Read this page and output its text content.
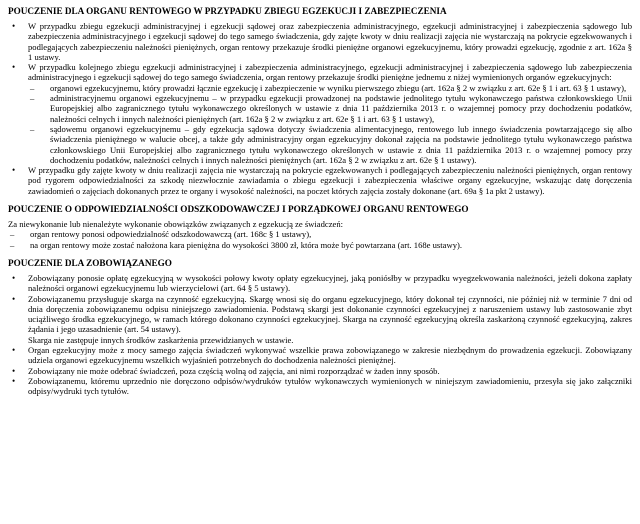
POUCZENIE DLA ORGANU RENTOWEGO W PRZYPADKU ZBIEGU EGZEKUCJI I ZABEZPIECZENIA
• W przypadku zbiegu egzekucji administracyjnej i egzekucji sądowej oraz zabezpieczenia administracyjnego, egzekucji administracyjnej i zabezpieczenia sądowego lub zabezpieczenia administracyjnego i egzekucji sądowej do tego samego świadczenia, gdy zajęte kwoty w dniu realizacji zajęcia nie wystarczają na pokrycie egzekwowanych i podlegających zabezpieczeniu należności pieniężnych, organ rentowy przekazuje środki pieniężne organowi egzekucyjnemu, który prowadzi egzekucję, zgodnie z art. 162a § 1 ustawy.
• W przypadku kolejnego zbiegu egzekucji administracyjnej i zabezpieczenia administracyjnego, egzekucji administracyjnej i zabezpieczenia sądowego lub zabezpieczenia administracyjnego i egzekucji sądowej do tego samego świadczenia, organ rentowy przekazuje środki pieniężne jednemu z niżej wymienionych organów egzekucyjnych:
– organowi egzekucyjnemu, który prowadzi łącznie egzekucję i zabezpieczenie w wyniku pierwszego zbiegu (art. 162a § 2 w związku z art. 62e § 1 i art. 63 § 1 ustawy),
– administracyjnemu organowi egzekucyjnemu – w przypadku egzekucji prowadzonej na podstawie jednolitego tytułu wykonawczego państwa członkowskiego Unii Europejskiej albo zagranicznego tytułu wykonawczego określonych w ustawie z dnia 11 października 2013 r. o wzajemnej pomocy przy dochodzeniu podatków, należności celnych i innych należności pieniężnych (art. 162a § 2 w związku z art. 62e § 1 i art. 63 § 1 ustawy),
– sądowemu organowi egzekucyjnemu – gdy egzekucja sądowa dotyczy świadczenia alimentacyjnego, rentowego lub innego świadczenia powtarzającego się albo świadczenia pieniężnego w walucie obcej, a także gdy administracyjny organ egzekucyjny dokonał zajęcia na podstawie jednolitego tytułu wykonawczego państwa członkowskiego Unii Europejskiej albo zagranicznego tytułu wykonawczego określonych w ustawie z dnia 11 października 2013 r. o wzajemnej pomocy przy dochodzeniu podatków, należności celnych i innych należności pieniężnych (art. 162a § 2 w związku z art. 62e § 1 ustawy).
• W przypadku gdy zajęte kwoty w dniu realizacji zajęcia nie wystarczają na pokrycie egzekwowanych i podlegających zabezpieczeniu należności pieniężnych, organ rentowy pod rygorem odpowiedzialności za szkodę niezwłocznie zawiadamia o zbiegu egzekucji i zabezpieczenia właściwe organy egzekucyjne, wskazując datę doręczenia zawiadomień o zajęciach dokonanych przez te organy i wysokość należności, na poczet których zajęcia zostały dokonane (art. 69a § 1a pkt 2 ustawy).
POUCZENIE O ODPOWIEDZIALNOŚCI ODSZKODOWAWCZEJ I PORZĄDKOWEJ ORGANU RENTOWEGO
Za niewykonanie lub nienależyte wykonanie obowiązków związanych z egzekucją ze świadczeń:
– organ rentowy ponosi odpowiedzialność odszkodowawczą (art. 168c § 1 ustawy),
– na organ rentowy może zostać nałożona kara pieniężna do wysokości 3800 zł, która może być powtarzana (art. 168e ustawy).
POUCZENIE DLA ZOBOWIĄZANEGO
• Zobowiązany ponosie opłatę egzekucyjną w wysokości połowy kwoty opłaty egzekucyjnej, jaką poniósłby w przypadku wyegzekwowania należności, jeżeli dokona zapłaty należności organowi egzekucyjnemu lub wierzycielowi (art. 64 § 5 ustawy).
• Zobowiązanemu przysługuje skarga na czynność egzekucyjną. Skargę wnosi się do organu egzekucyjnego, który dokonał tej czynności, nie później niż w terminie 7 dni od dnia doręczenia zobowiązanemu odpisu niniejszego zawiadomienia. Podstawą skargi jest dokonanie czynności egzekucyjnej z naruszeniem ustawy lub zastosowanie zbyt uciążliwego środka egzekucyjnego, w ramach którego dokonano czynności egzekucyjnej. Skarga na czynność egzekucyjną określa zaskarżoną czynność egzekucyjną, zakres żądania i jego uzasadnienie (art. 54 ustawy).
Skarga nie zastępuje innych środków zaskarżenia przewidzianych w ustawie.
• Organ egzekucyjny może z mocy samego zajęcia świadczeń wykonywać wszelkie prawa zobowiązanego w zakresie niezbędnym do prowadzenia egzekucji. Zobowiązany udziela organowi egzekucyjnemu wszelkich wyjaśnień potrzebnych do dochodzenia należności pieniężnej.
• Zobowiązany nie może odebrać świadczeń, poza częścią wolną od zajęcia, ani nimi rozporządzać w żaden inny sposób.
• Zobowiązanemu, któremu uprzednio nie doręczono odpisów/wydruków tytułów wykonawczych wymienionych w niniejszym zawiadomieniu, przesyła się jako załączniki odpisy/wydruki tych tytułów.
